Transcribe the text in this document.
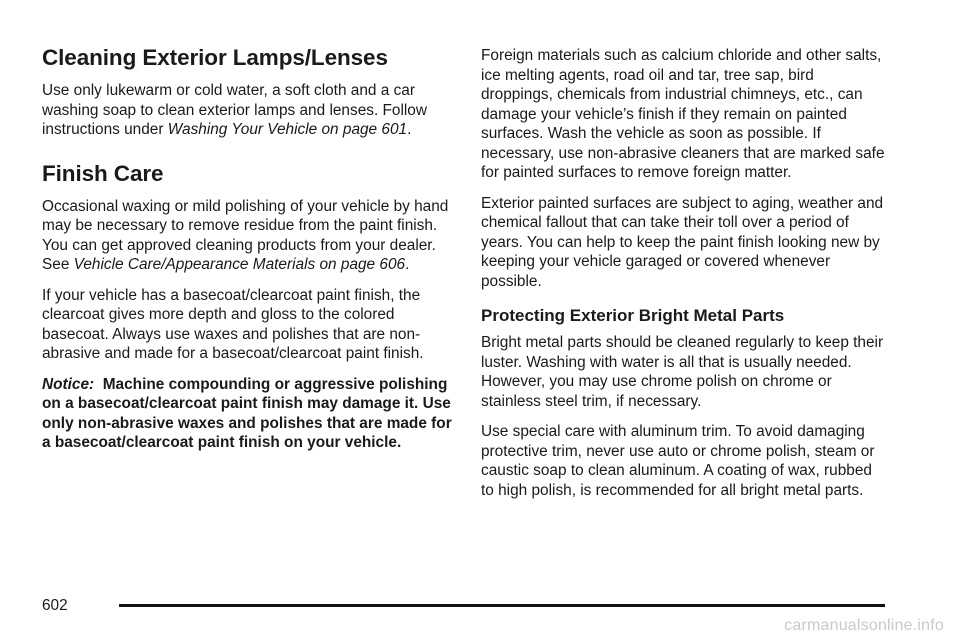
Cleaning Exterior Lamps/Lenses

Use only lukewarm or cold water, a soft cloth and a car washing soap to clean exterior lamps and lenses. Follow instructions under Washing Your Vehicle on page 601.

Finish Care

Occasional waxing or mild polishing of your vehicle by hand may be necessary to remove residue from the paint finish. You can get approved cleaning products from your dealer. See Vehicle Care/Appearance Materials on page 606.

If your vehicle has a basecoat/clearcoat paint finish, the clearcoat gives more depth and gloss to the colored basecoat. Always use waxes and polishes that are non-abrasive and made for a basecoat/clearcoat paint finish.

Notice: Machine compounding or aggressive polishing on a basecoat/clearcoat paint finish may damage it. Use only non-abrasive waxes and polishes that are made for a basecoat/clearcoat paint finish on your vehicle.

Foreign materials such as calcium chloride and other salts, ice melting agents, road oil and tar, tree sap, bird droppings, chemicals from industrial chimneys, etc., can damage your vehicle’s finish if they remain on painted surfaces. Wash the vehicle as soon as possible. If necessary, use non-abrasive cleaners that are marked safe for painted surfaces to remove foreign matter.

Exterior painted surfaces are subject to aging, weather and chemical fallout that can take their toll over a period of years. You can help to keep the paint finish looking new by keeping your vehicle garaged or covered whenever possible.

Protecting Exterior Bright Metal Parts

Bright metal parts should be cleaned regularly to keep their luster. Washing with water is all that is usually needed. However, you may use chrome polish on chrome or stainless steel trim, if necessary.

Use special care with aluminum trim. To avoid damaging protective trim, never use auto or chrome polish, steam or caustic soap to clean aluminum. A coating of wax, rubbed to high polish, is recommended for all bright metal parts.

602
carmanualsonline.info
